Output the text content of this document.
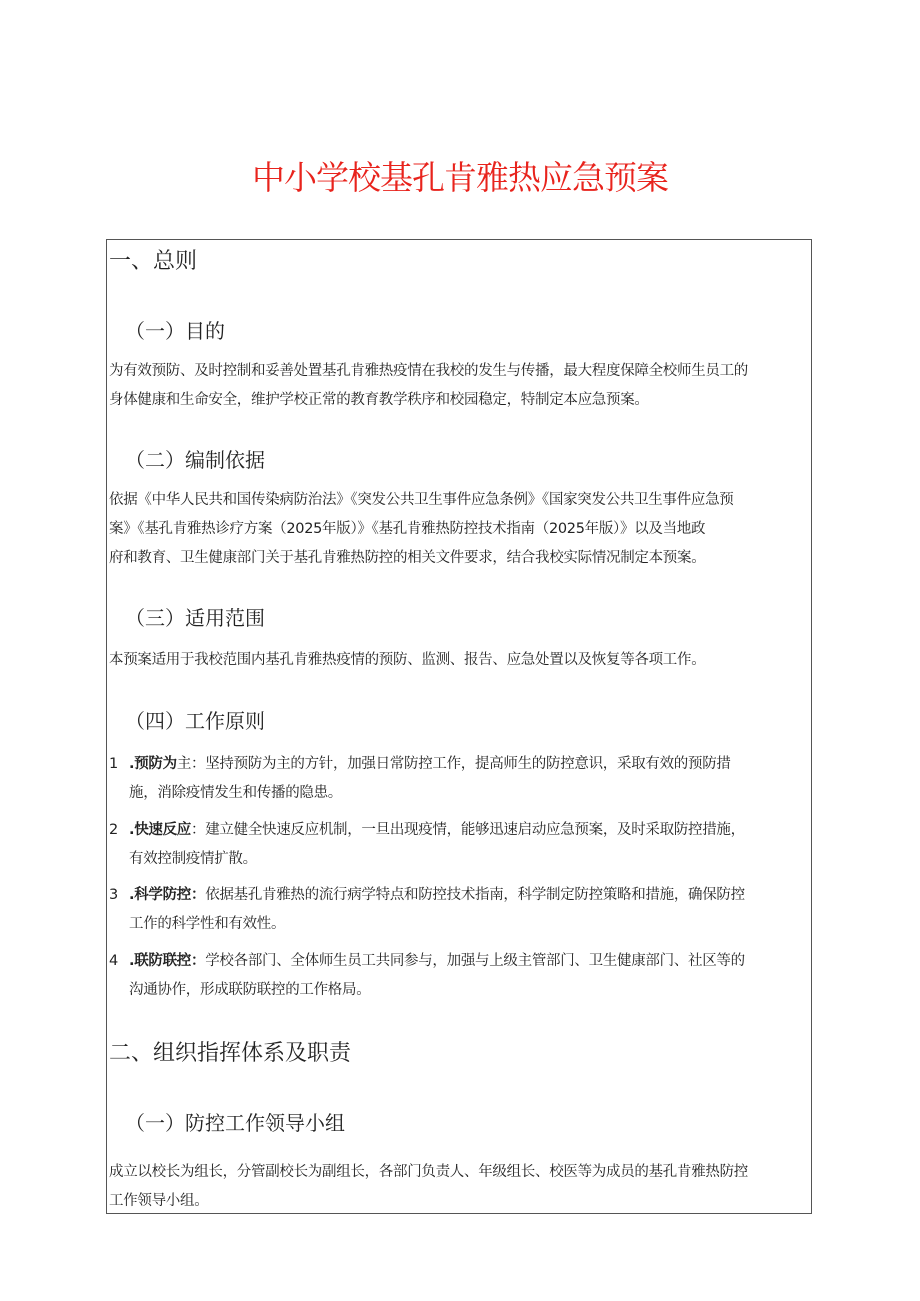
中小学校基孔肯雅热应急预案
一、总则
（一）目的
为有效预防、及时控制和妥善处置基孔肯雅热疫情在我校的发生与传播，最大程度保障全校师生员工的
身体健康和生命安全，维护学校正常的教育教学秩序和校园稳定，特制定本应急预案。
（二）编制依据
依据《中华人民共和国传染病防治法》《突发公共卫生事件应急条例》《国家突发公共卫生事件应急预
案》《基孔肯雅热诊疗方案（2025年版）》《基孔肯雅热防控技术指南（2025年版）》以及当地政
府和教育、卫生健康部门关于基孔肯雅热防控的相关文件要求，结合我校实际情况制定本预案。
（三）适用范围
本预案适用于我校范围内基孔肯雅热疫情的预防、监测、报告、应急处置以及恢复等各项工作。
（四）工作原则
1 .预防为主：坚持预防为主的方针，加强日常防控工作，提高师生的防控意识，采取有效的预防措
施，消除疫情发生和传播的隐患。
2 .快速反应：建立健全快速反应机制，一旦出现疫情，能够迅速启动应急预案，及时采取防控措施，
有效控制疫情扩散。
3 .科学防控：依据基孔肯雅热的流行病学特点和防控技术指南，科学制定防控策略和措施，确保防控
工作的科学性和有效性。
4 .联防联控：学校各部门、全体师生员工共同参与，加强与上级主管部门、卫生健康部门、社区等的
沟通协作，形成联防联控的工作格局。
二、组织指挥体系及职责
（一）防控工作领导小组
成立以校长为组长，分管副校长为副组长，各部门负责人、年级组长、校医等为成员的基孔肯雅热防控
工作领导小组。
